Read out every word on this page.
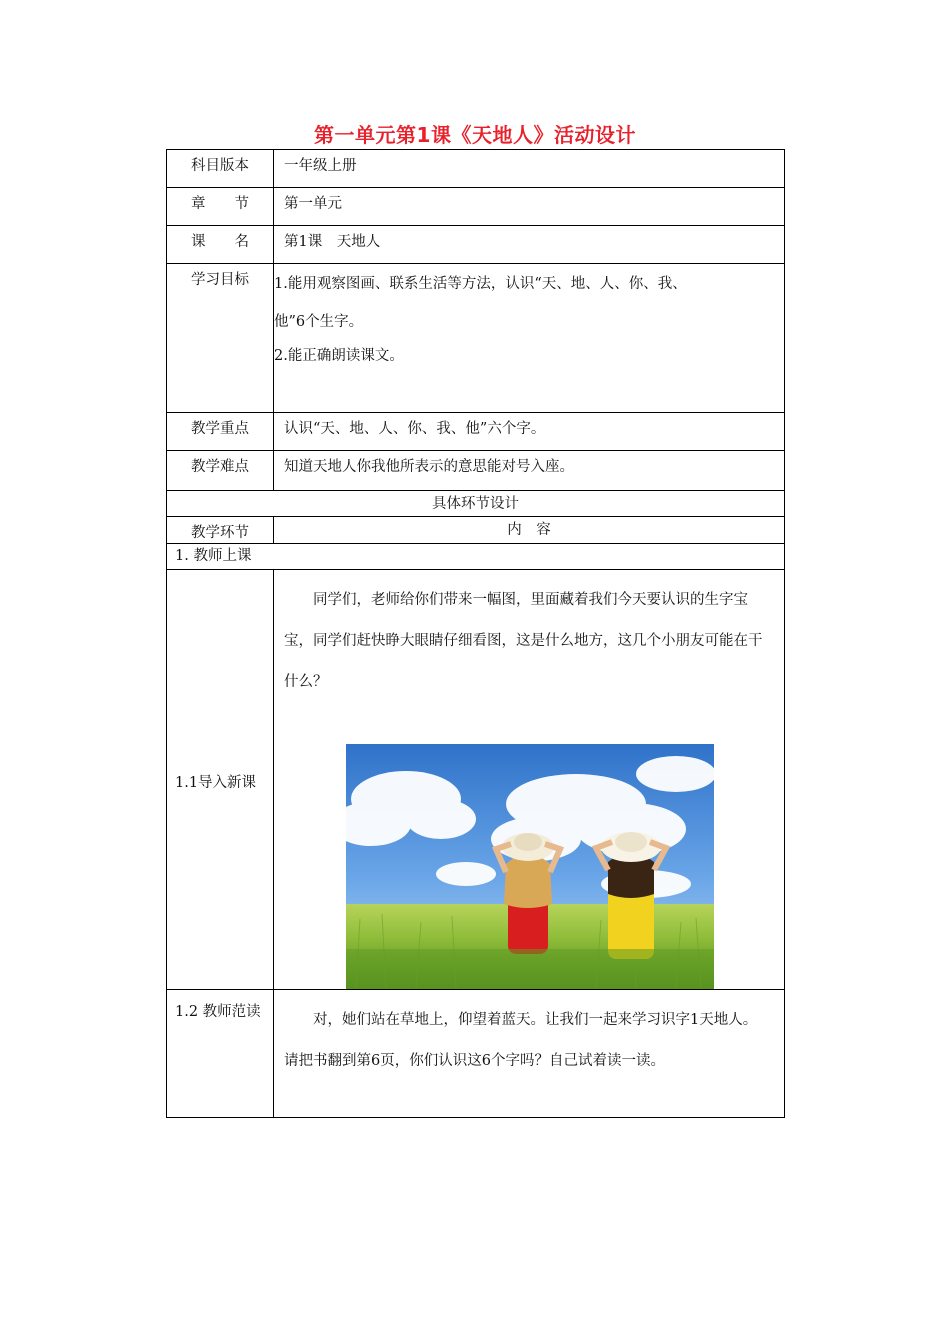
第一单元第1课《天地人》活动设计
科目版本	一年级上册

章　　节	第一单元

课　　名	第1课　天地人

学习目标	1.能用观察图画、联系生活等方法，认识“天、地、人、你、我、

他”6个生字。

2.能正确朗读课文。

教学重点	认识“天、地、人、你、我、他”六个字。

教学难点	知道天地人你我他所表示的意思能对号入座。

具体环节设计	

教学环节	内　容

1. 教师上课	

1.1导入新课	同学们，老师给你们带来一幅图，里面藏着我们今天要认识的生字宝宝，同学们赶快睁大眼睛仔细看图，这是什么地方，这几个小朋友可能在干什么？

1.2 教师范读	对，她们站在草地上，仰望着蓝天。让我们一起来学习识字1天地人。请把书翻到第6页，你们认识这6个字吗？自己试着读一读。
